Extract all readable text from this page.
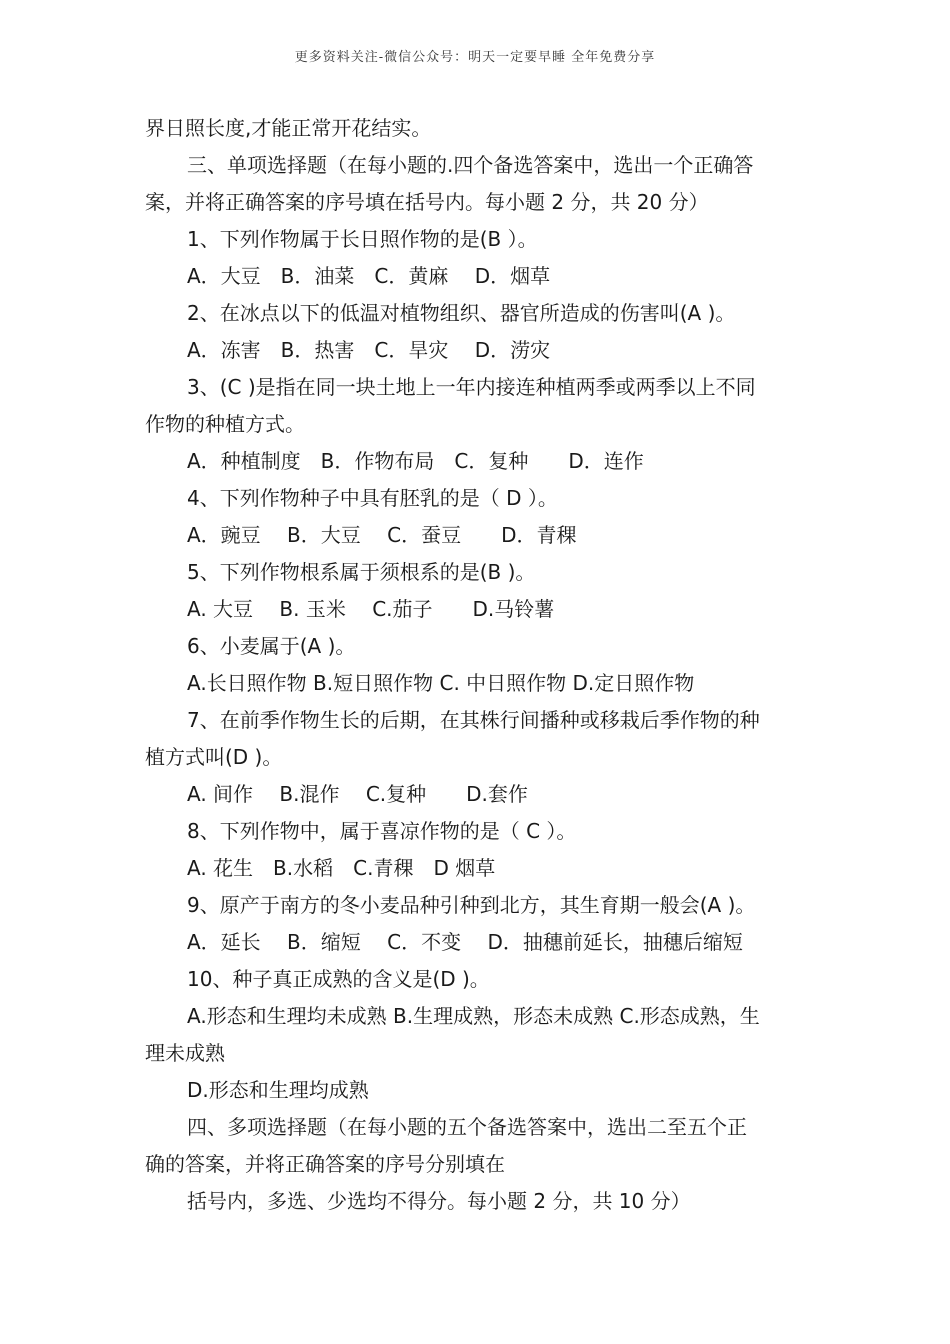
更多资料关注-微信公众号：明天一定要早睡 全年免费分享
界日照长度,才能正常开花结实。
三、单项选择题（在每小题的.四个备选答案中，选出一个正确答
案，并将正确答案的序号填在括号内。每小题 2 分，共 20 分）
1、下列作物属于长日照作物的是(B ）。
A．大豆　B．油菜　C．黄麻　 D．烟草
2、在冰点以下的低温对植物组织、器官所造成的伤害叫(A )。
A．冻害　B．热害　C．旱灾　 D．涝灾
3、(C )是指在同一块土地上一年内接连种植两季或两季以上不同
作物的种植方式。
A．种植制度　B．作物布局　C．复种　　D．连作
4、下列作物种子中具有胚乳的是（ D ）。
A．豌豆　 B．大豆　 C．蚕豆　　D．青稞
5、下列作物根系属于须根系的是(B )。
A. 大豆　 B. 玉米　 C.茄子　　D.马铃薯
6、小麦属于(A )。
A.长日照作物 B.短日照作物 C. 中日照作物 D.定日照作物
7、在前季作物生长的后期，在其株行间播种或移栽后季作物的种
植方式叫(D )。
A. 间作　 B.混作　 C.复种　　D.套作
8、下列作物中，属于喜凉作物的是（ C ）。
A. 花生　B.水稻　C.青稞　D 烟草
9、原产于南方的冬小麦品种引种到北方，其生育期一般会(A )。
A．延长　 B．缩短　 C．不变　 D．抽穗前延长，抽穗后缩短
10、种子真正成熟的含义是(D )。
A.形态和生理均未成熟 B.生理成熟，形态未成熟 C.形态成熟，生
理未成熟
D.形态和生理均成熟
四、多项选择题（在每小题的五个备选答案中，选出二至五个正
确的答案，并将正确答案的序号分别填在
括号内，多选、少选均不得分。每小题 2 分，共 10 分）
